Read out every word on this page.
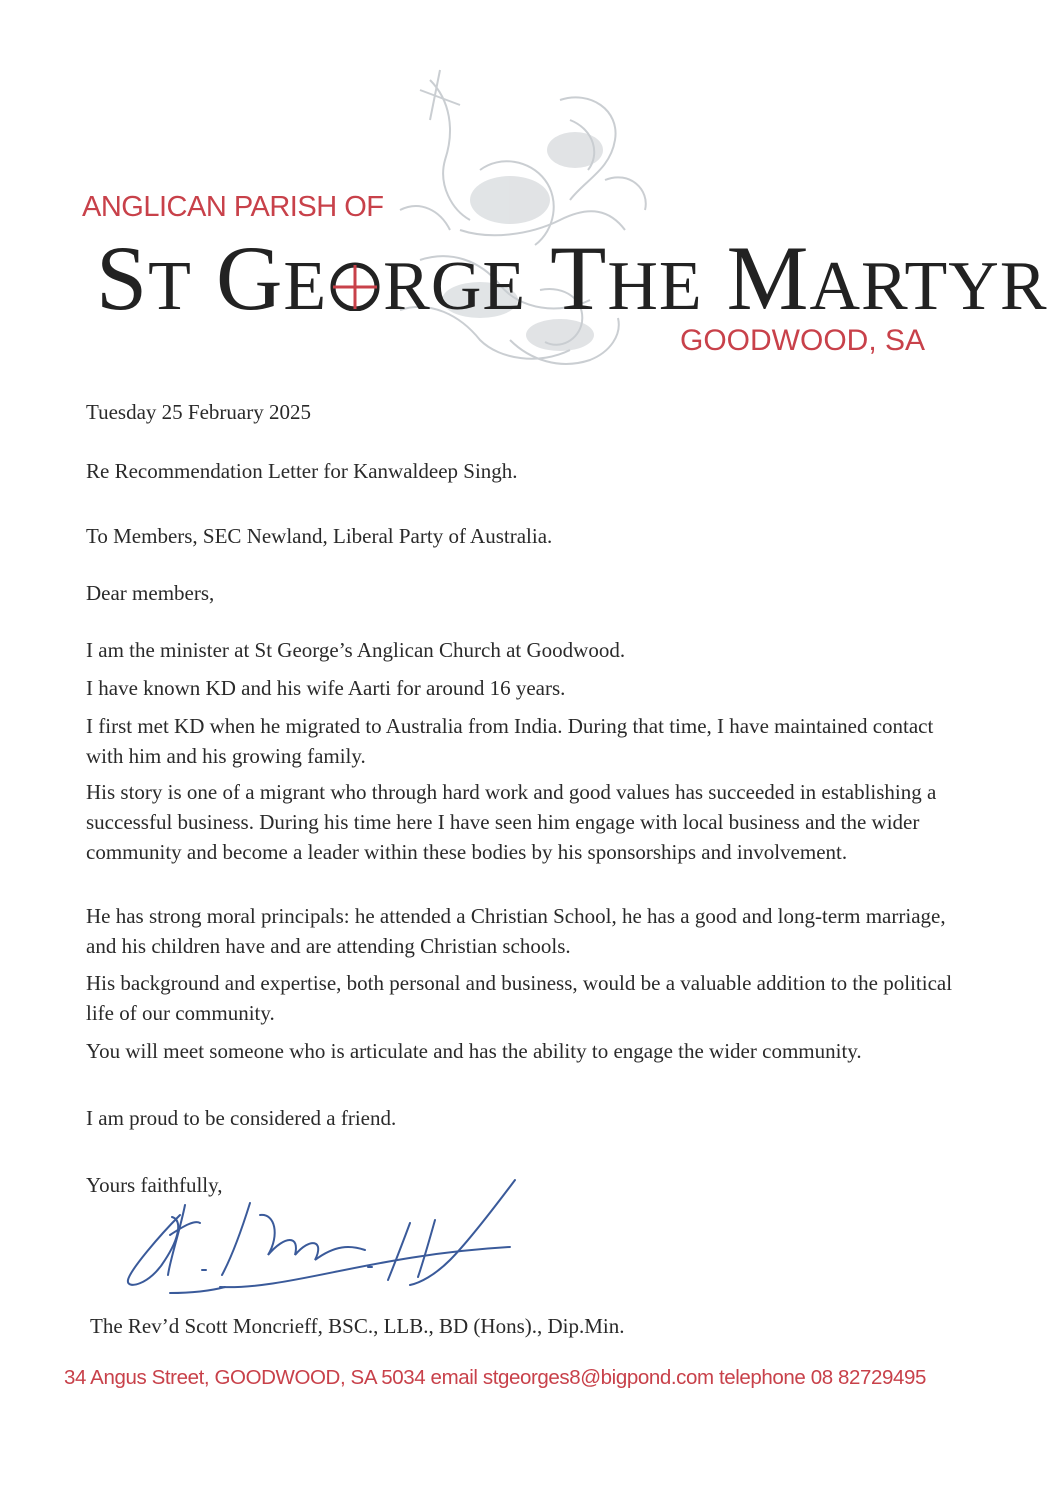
ANGLICAN PARISH OF
ST GE RGE THE MARTYR
GOODWOOD, SA
Tuesday 25 February 2025
Re Recommendation Letter for Kanwaldeep Singh.
To Members, SEC Newland, Liberal Party of Australia.
Dear members,
I am the minister at St George’s Anglican Church at Goodwood.
I have known KD and his wife Aarti for around 16 years.
I first met KD when he migrated to Australia from India. During that time, I have maintained contact with him and his growing family.
His story is one of a migrant who through hard work and good values has succeeded in establishing a successful business. During his time here I have seen him engage with local business and the wider community and become a leader within these bodies by his sponsorships and involvement.
He has strong moral principals: he attended a Christian School, he has a good and long-term marriage, and his children have and are attending Christian schools.
His background and expertise, both personal and business, would be a valuable addition to the political life of our community.
You will meet someone who is articulate and has the ability to engage the wider community.
I am proud to be considered a friend.
Yours faithfully,
The Rev’d Scott Moncrieff, BSC., LLB., BD (Hons)., Dip.Min.
34 Angus Street, GOODWOOD, SA 5034 email stgeorges8@bigpond.com telephone 08 82729495
